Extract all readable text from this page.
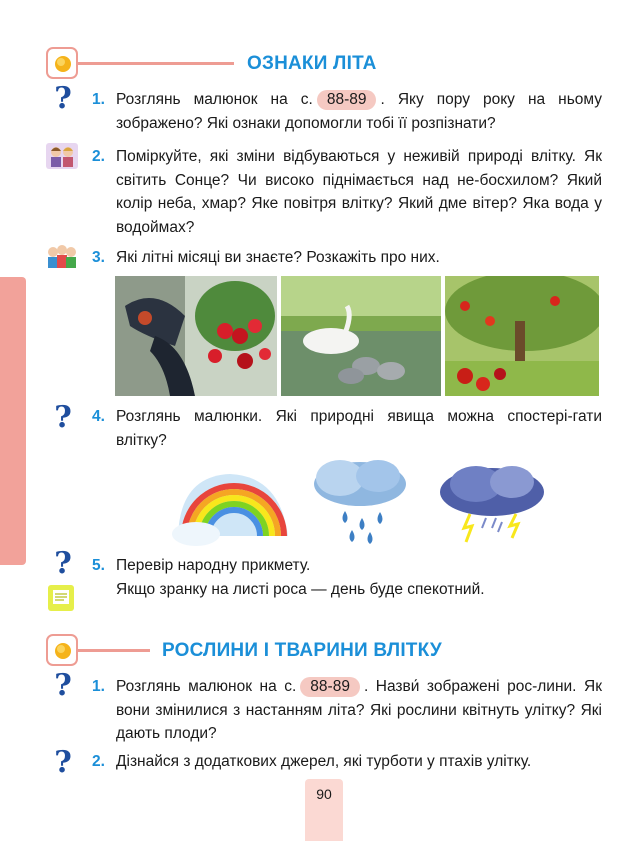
ОЗНАКИ ЛІТА
? 1. Розглянь малюнок на с. 88-89 . Яку пору року на ньому зображено? Які ознаки допомогли тобі її розпізнати?
2. Поміркуйте, які зміни відбуваються у неживій природі влітку. Як світить Сонце? Чи високо піднімається над не-босхилом? Який колір неба, хмар? Яке повітря влітку? Який дме вітер? Яка вода у водоймах?
3. Які літні місяці ви знаєте? Розкажіть про них.
? 4. Розглянь малюнки. Які природні явища можна спостері-гати влітку?
? 5. Перевір народну прикмету.
Якщо зранку на листі роса — день буде спекотний.
РОСЛИНИ І ТВАРИНИ ВЛІТКУ
? 1. Розглянь малюнок на с. 88-89 . Назви́ зображені рос-лини. Як вони змінилися з настанням літа? Які рослини квітнуть улітку? Які дають плоди?
? 2. Дізнайся з додаткових джерел, які турботи у птахів улітку.
90
